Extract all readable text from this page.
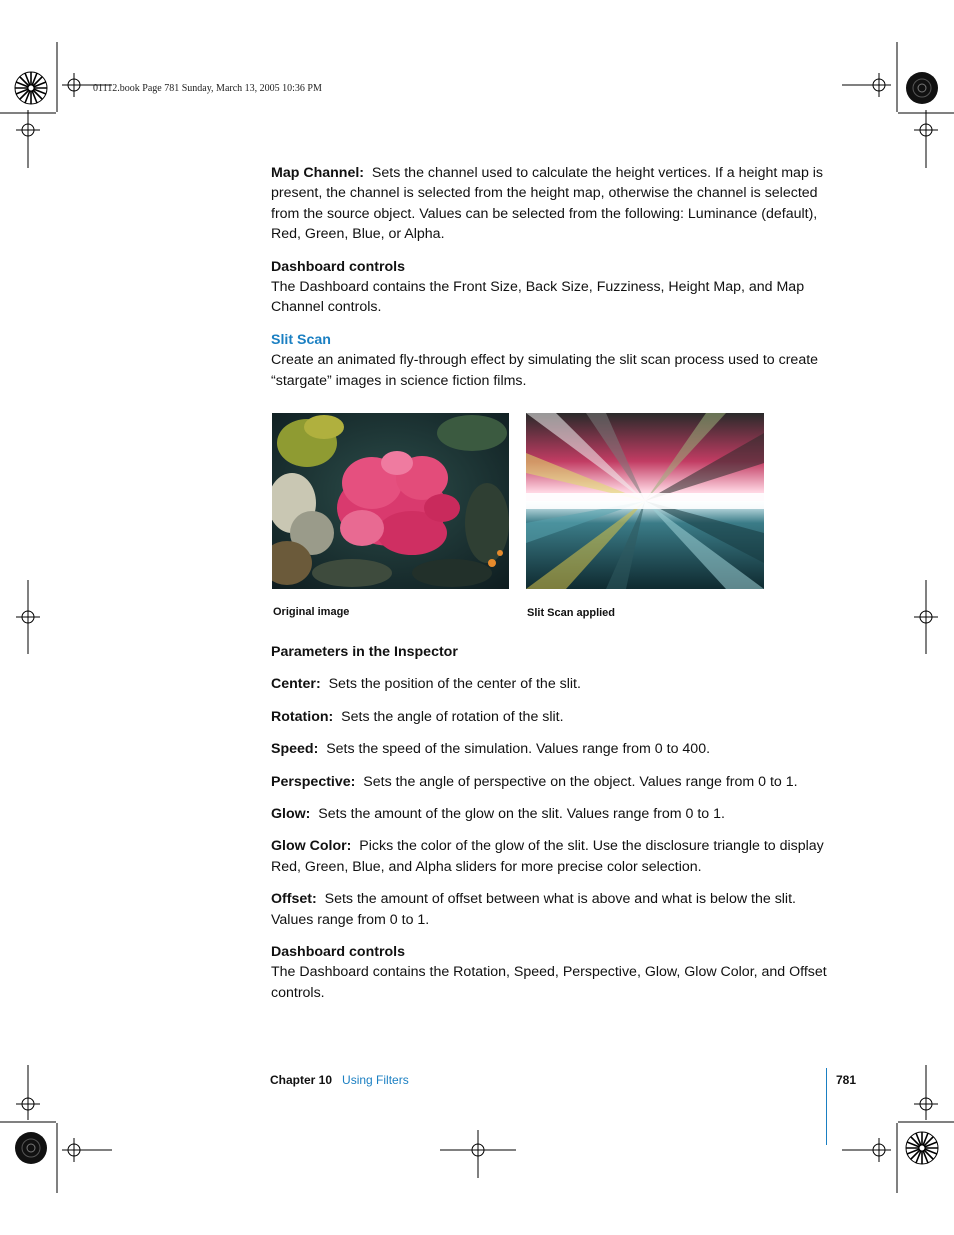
01112.book Page 781 Sunday, March 13, 2005 10:36 PM

Map Channel: Sets the channel used to calculate the height vertices. If a height map is present, the channel is selected from the height map, otherwise the channel is selected from the source object. Values can be selected from the following: Luminance (default), Red, Green, Blue, or Alpha.

Dashboard controls

The Dashboard contains the Front Size, Back Size, Fuzziness, Height Map, and Map Channel controls.

Slit Scan

Create an animated fly-through effect by simulating the slit scan process used to create “stargate” images in science fiction films.

Original image	Slit Scan applied

Parameters in the Inspector

Center: Sets the position of the center of the slit.

Rotation: Sets the angle of rotation of the slit.

Speed: Sets the speed of the simulation. Values range from 0 to 400.

Perspective: Sets the angle of perspective on the object. Values range from 0 to 1.

Glow: Sets the amount of the glow on the slit. Values range from 0 to 1.

Glow Color: Picks the color of the glow of the slit. Use the disclosure triangle to display Red, Green, Blue, and Alpha sliders for more precise color selection.

Offset: Sets the amount of offset between what is above and what is below the slit. Values range from 0 to 1.

Dashboard controls

The Dashboard contains the Rotation, Speed, Perspective, Glow, Glow Color, and Offset controls.

Chapter 10 Using Filters	781
